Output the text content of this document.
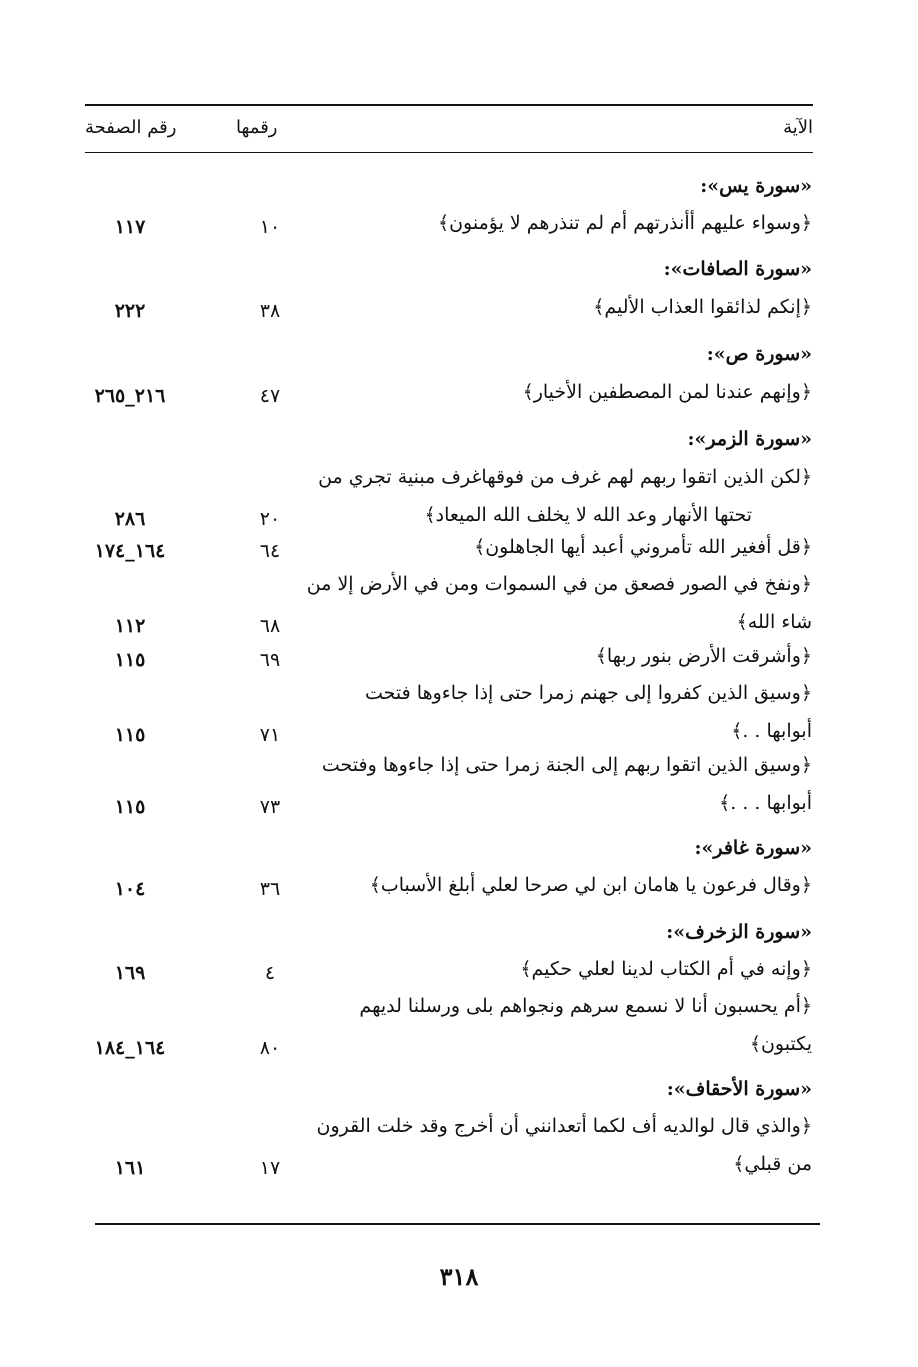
الآية
رقمها
رقم الصفحة
«سورة يس»:
﴿وسواء عليهم أأنذرتهم أم لم تنذرهم لا يؤمنون﴾
١٠
١١٧
«سورة الصافات»:
﴿إنكم لذائقوا العذاب الأليم﴾
٣٨
٢٢٢
«سورة ص»:
﴿وإنهم عندنا لمن المصطفين الأخيار﴾
٤٧
٢١٦_٢٦٥
«سورة الزمر»:
﴿لكن الذين اتقوا ربهم لهم غرف من فوقهاغرف مبنية تجري من
تحتها الأنهار وعد الله لا يخلف الله الميعاد﴾
٢٠
٢٨٦
﴿قل أفغير الله تأمروني أعبد أيها الجاهلون﴾
٦٤
١٦٤_١٧٤
﴿ونفخ في الصور فصعق من في السموات ومن في الأرض إلا من
شاء الله﴾
٦٨
١١٢
﴿وأشرقت الأرض بنور ربها﴾
٦٩
١١٥
﴿وسيق الذين كفروا إلى جهنم زمرا حتى إذا جاءوها فتحت
أبوابها . .﴾
٧١
١١٥
﴿وسيق الذين اتقوا ربهم إلى الجنة زمرا حتى إذا جاءوها وفتحت
أبوابها . . .﴾
٧٣
١١٥
«سورة غافر»:
﴿وقال فرعون يا هامان ابن لي صرحا لعلي أبلغ الأسباب﴾
٣٦
١٠٤
«سورة الزخرف»:
﴿وإنه في أم الكتاب لدينا لعلي حكيم﴾
٤
١٦٩
﴿أم يحسبون أنا لا نسمع سرهم ونجواهم بلى ورسلنا لديهم
يكتبون﴾
٨٠
١٦٤_١٨٤
«سورة الأحقاف»:
﴿والذي قال لوالديه أف لكما أتعدانني أن أخرج وقد خلت القرون
من قبلي﴾
١٧
١٦١
٣١٨
